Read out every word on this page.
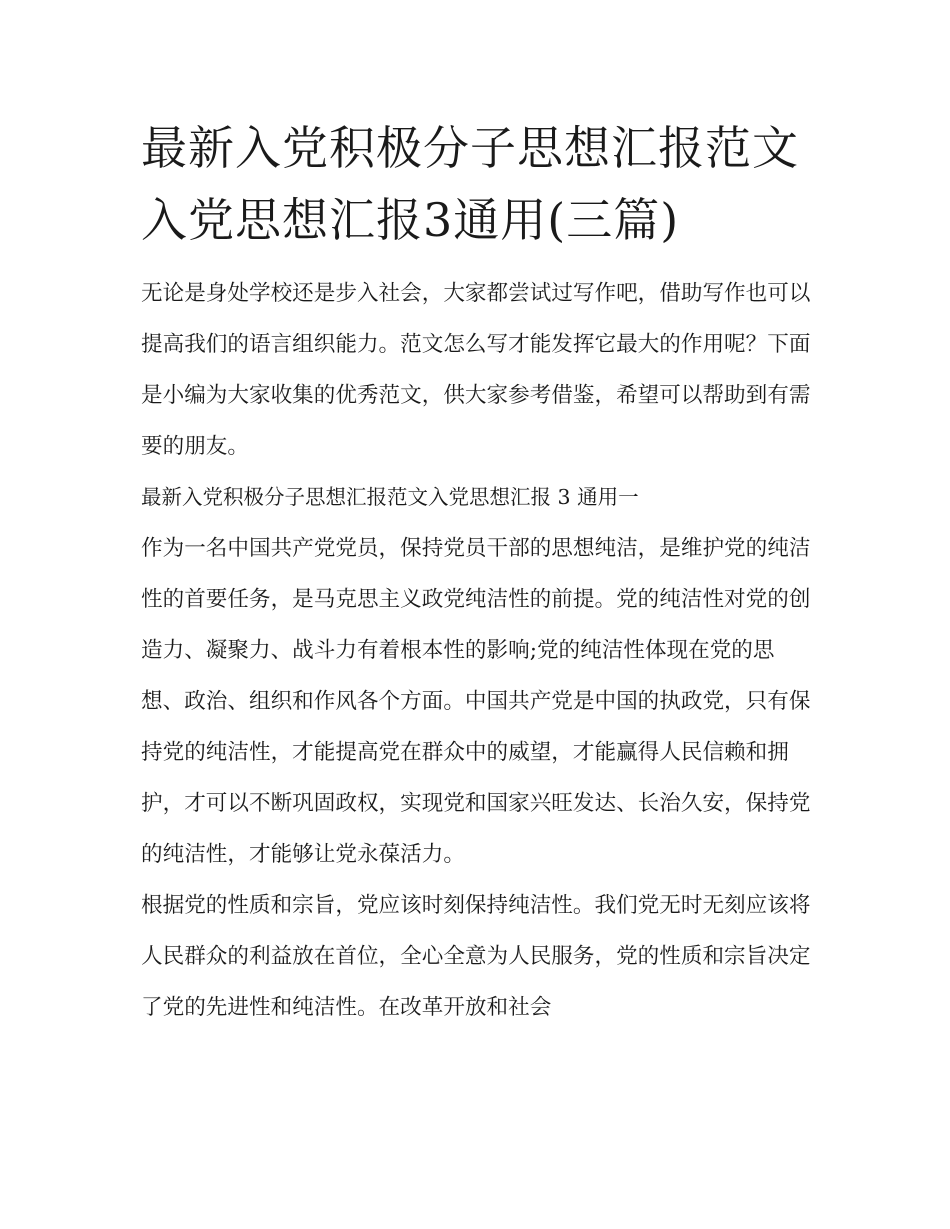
最新入党积极分子思想汇报范文入党思想汇报3通用(三篇)

无论是身处学校还是步入社会，大家都尝试过写作吧，借助写作也可以提高我们的语言组织能力。范文怎么写才能发挥它最大的作用呢？下面是小编为大家收集的优秀范文，供大家参考借鉴，希望可以帮助到有需要的朋友。

最新入党积极分子思想汇报范文入党思想汇报 3 通用一

作为一名中国共产党党员，保持党员干部的思想纯洁，是维护党的纯洁性的首要任务，是马克思主义政党纯洁性的前提。党的纯洁性对党的创造力、凝聚力、战斗力有着根本性的影响;党的纯洁性体现在党的思想、政治、组织和作风各个方面。中国共产党是中国的执政党，只有保持党的纯洁性，才能提高党在群众中的威望，才能赢得人民信赖和拥护，才可以不断巩固政权，实现党和国家兴旺发达、长治久安，保持党的纯洁性，才能够让党永葆活力。

根据党的性质和宗旨，党应该时刻保持纯洁性。我们党无时无刻应该将人民群众的利益放在首位，全心全意为人民服务，党的性质和宗旨决定了党的先进性和纯洁性。在改革开放和社会
